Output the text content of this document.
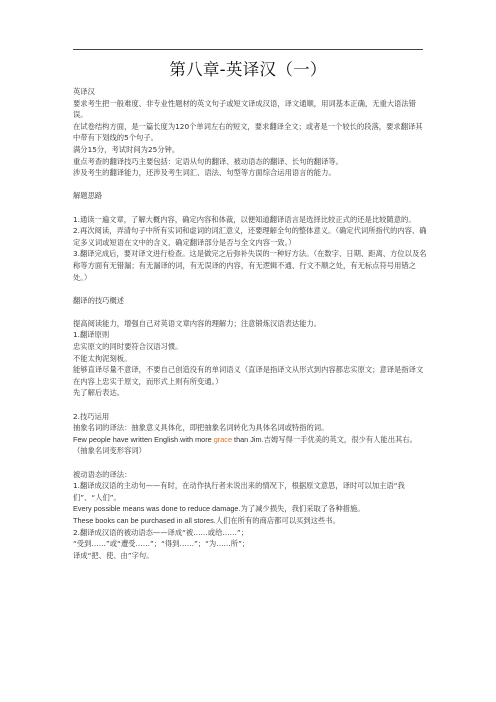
第八章-英译汉（一）

英译汉

要求考生把一般难度、非专业性题材的英文句子或短文译成汉语，译文通顺，用词基本正确，无重大语法错误。

在试卷结构方面，是一篇长度为120个单词左右的短文，要求翻译全文；或者是一个较长的段落，要求翻译其中带有下划线的5个句子。

满分15分，考试时间为25分钟。

重点考查的翻译技巧主要包括：定语从句的翻译、被动语态的翻译、长句的翻译等。

涉及考生的翻译能力，还涉及考生词汇、语法、句型等方面综合运用语言的能力。

解题思路

1.通读一遍文章，了解大概内容，确定内容和体裁，以便知道翻译语言是选择比较正式的还是比较随意的。

2.再次阅读，弄清句子中所有实词和虚词的词汇意义，还要理解全句的整体意义。（确定代词所指代的内容、确定多义词或短语在文中的含义、确定翻译部分是否与全文内容一致。）

3.翻译完成后，要对译文进行检查。这是做完之后弥补失误的一种好方法。（在数字、日期、距离、方位以及名称等方面有无错漏；有无漏译的词，有无误译的内容，有无逻辑不通、行文不顺之处，有无标点符号用错之处。）

翻译的技巧概述

提高阅读能力，增强自己对英语文章内容的理解力；注意锻炼汉语表达能力。

1.翻译原则

忠实原文的同时要符合汉语习惯。

不能太拘泥刻板。

能够直译尽量不意译，不要自己创造没有的单词语义（直译是指译文从形式到内容都忠实原文；意译是指译文在内容上忠实于原文，而形式上则有所变通。）

先了解后表达。

2.技巧运用

抽象名词的译法：抽象意义具体化，即把抽象名词转化为具体名词或特指的词。

Few people have written English with more grace than Jim.吉姆写得一手优美的英文，很少有人能出其右。（抽象名词变形容词）

被动语态的译法：

1.翻译成汉语的主动句——有时，在动作执行者未说出来的情况下，根据原文意思，译时可以加主语“我们”、“人们”。

Every possible means was done to reduce damage.为了减少损失，我们采取了各种措施。

These books can be purchased in all stores.人们在所有的商店都可以买到这些书。

2.翻译成汉语的被动语态——译成“被……或给……”；

“受到……”或“遭受……”；“得到……”；“为……所”；

译成“把、使、由”字句。
